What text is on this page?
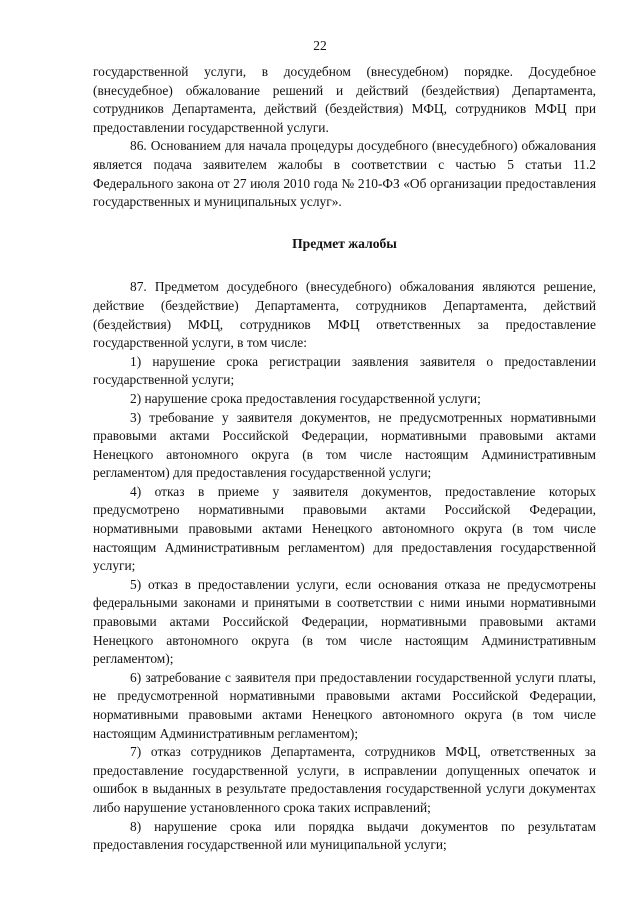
22

государственной услуги, в досудебном (внесудебном) порядке. Досудебное (внесудебное) обжалование решений и действий (бездействия) Департамента, сотрудников Департамента, действий (бездействия) МФЦ, сотрудников МФЦ при предоставлении государственной услуги.

86. Основанием для начала процедуры досудебного (внесудебного) обжалования является подача заявителем жалобы в соответствии с частью 5 статьи 11.2 Федерального закона от 27 июля 2010 года № 210-ФЗ «Об организации предоставления государственных и муниципальных услуг».

Предмет жалобы

87. Предметом досудебного (внесудебного) обжалования являются решение, действие (бездействие) Департамента, сотрудников Департамента, действий (бездействия) МФЦ, сотрудников МФЦ ответственных за предоставление государственной услуги, в том числе:

1) нарушение срока регистрации заявления заявителя о предоставлении государственной услуги;

2) нарушение срока предоставления государственной услуги;

3) требование у заявителя документов, не предусмотренных нормативными правовыми актами Российской Федерации, нормативными правовыми актами Ненецкого автономного округа (в том числе настоящим Административным регламентом) для предоставления государственной услуги;

4) отказ в приеме у заявителя документов, предоставление которых предусмотрено нормативными правовыми актами Российской Федерации, нормативными правовыми актами Ненецкого автономного округа (в том числе настоящим Административным регламентом) для предоставления государственной услуги;

5) отказ в предоставлении услуги, если основания отказа не предусмотрены федеральными законами и принятыми в соответствии с ними иными нормативными правовыми актами Российской Федерации, нормативными правовыми актами Ненецкого автономного округа (в том числе настоящим Административным регламентом);

6) затребование с заявителя при предоставлении государственной услуги платы, не предусмотренной нормативными правовыми актами Российской Федерации, нормативными правовыми актами Ненецкого автономного округа (в том числе настоящим Административным регламентом);

7) отказ сотрудников Департамента, сотрудников МФЦ, ответственных за предоставление государственной услуги, в исправлении допущенных опечаток и ошибок в выданных в результате предоставления государственной услуги документах либо нарушение установленного срока таких исправлений;

8) нарушение срока или порядка выдачи документов по результатам предоставления государственной или муниципальной услуги;
